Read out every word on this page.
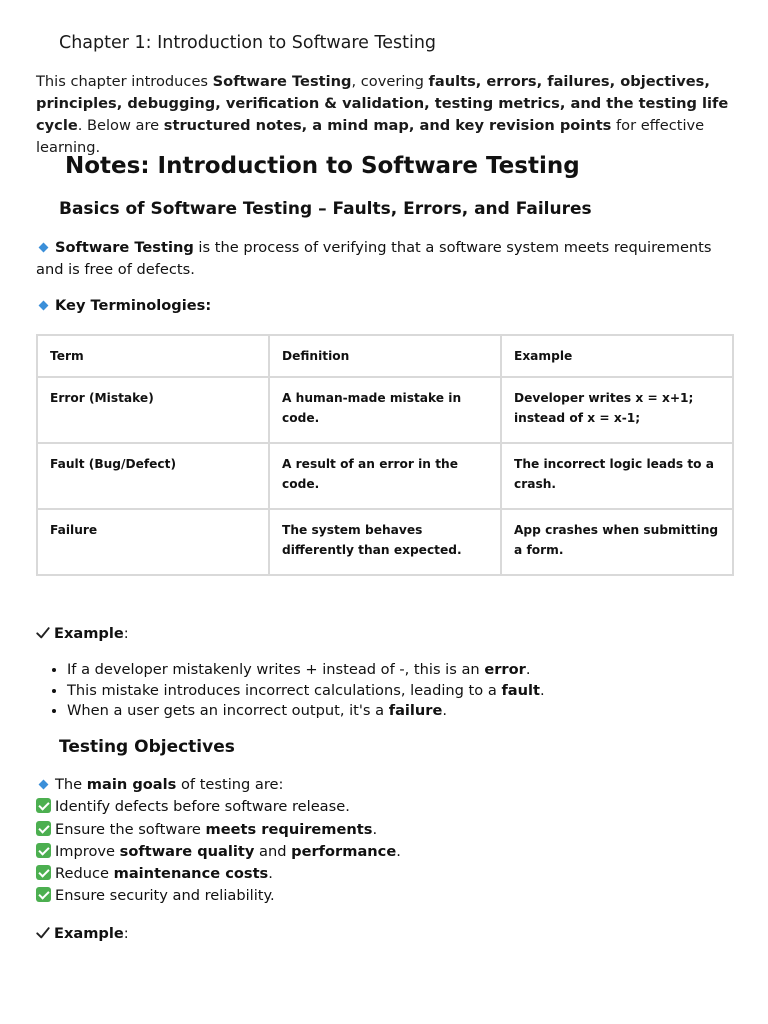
Chapter 1: Introduction to Software Testing
This chapter introduces Software Testing, covering faults, errors, failures, objectives, principles, debugging, verification & validation, testing metrics, and the testing life cycle. Below are structured notes, a mind map, and key revision points for effective learning.
Notes: Introduction to Software Testing
Basics of Software Testing – Faults, Errors, and Failures
Software Testing is the process of verifying that a software system meets requirements and is free of defects.
Key Terminologies:
Term	Definition	Example
Error (Mistake)	A human-made mistake in code.	Developer writes x = x+1; instead of x = x-1;
Fault (Bug/Defect)	A result of an error in the code.	The incorrect logic leads to a crash.
Failure	The system behaves differently than expected.	App crashes when submitting a form.
Example:
• If a developer mistakenly writes + instead of -, this is an error.
• This mistake introduces incorrect calculations, leading to a fault.
• When a user gets an incorrect output, it's a failure.
Testing Objectives
The main goals of testing are:
Identify defects before software release.
Ensure the software meets requirements.
Improve software quality and performance.
Reduce maintenance costs.
Ensure security and reliability.
Example:
